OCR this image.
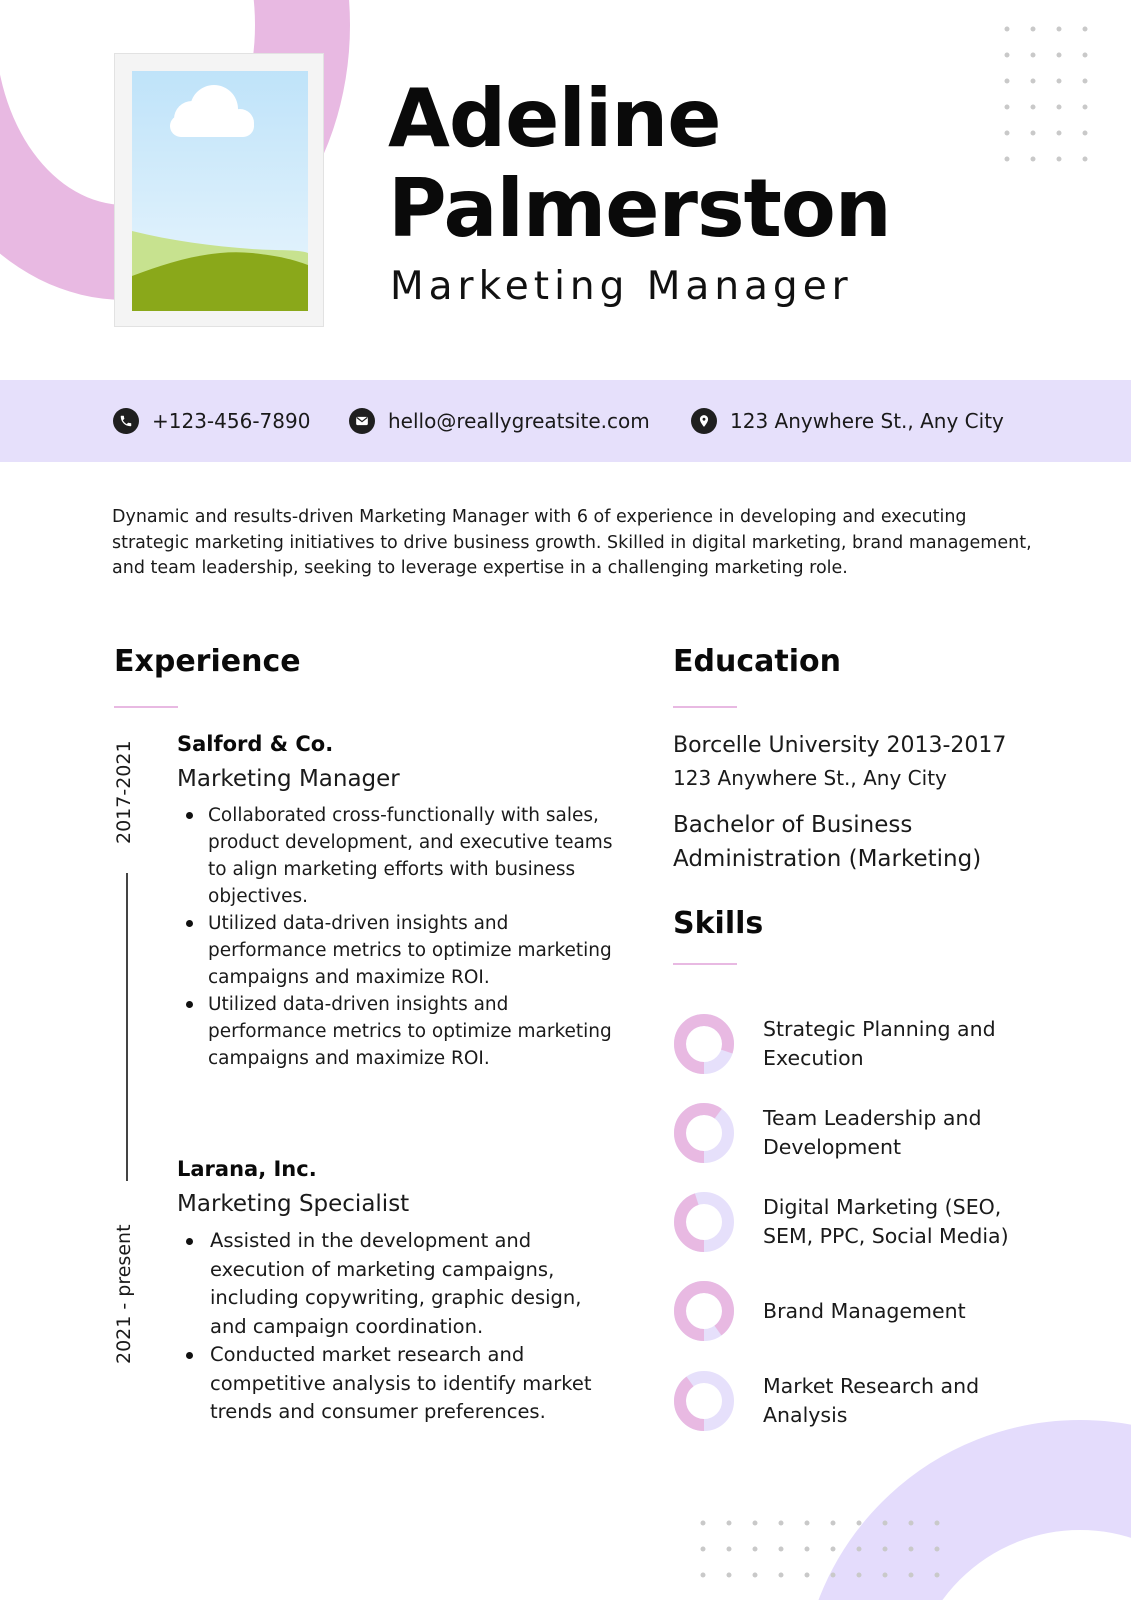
Adeline
Palmerston
Marketing Manager
+123-456-7890	hello@reallygreatsite.com	123 Anywhere St., Any City

Dynamic and results-driven Marketing Manager with 6 of experience in developing and executing strategic marketing initiatives to drive business growth. Skilled in digital marketing, brand management, and team leadership, seeking to leverage expertise in a challenging marketing role.

Experience
2017-2021
2021 - present
Salford & Co.
Marketing Manager
Collaborated cross-functionally with sales, product development, and executive teams to align marketing efforts with business objectives.
Utilized data-driven insights and performance metrics to optimize marketing campaigns and maximize ROI.
Utilized data-driven insights and performance metrics to optimize marketing campaigns and maximize ROI.
Larana, Inc.
Marketing Specialist
Assisted in the development and execution of marketing campaigns, including copywriting, graphic design, and campaign coordination.
Conducted market research and competitive analysis to identify market trends and consumer preferences.
Education
Borcelle University 2013-2017
123 Anywhere St., Any City
Bachelor of Business Administration (Marketing)
Skills
Strategic Planning and Execution
Team Leadership and Development
Digital Marketing (SEO, SEM, PPC, Social Media)
Brand Management
Market Research and Analysis
